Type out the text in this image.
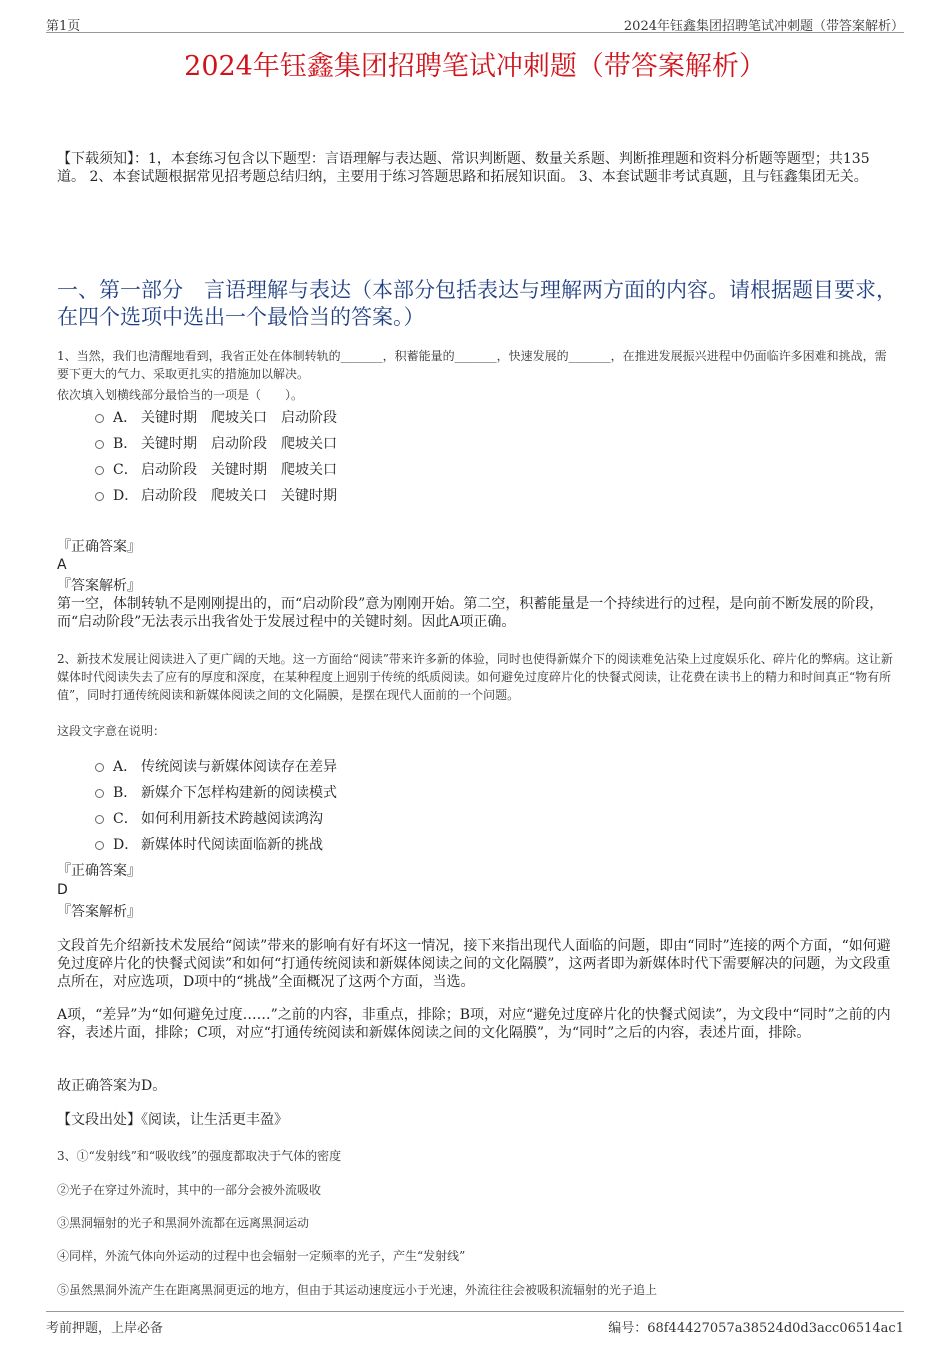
第1页	2024年钰鑫集团招聘笔试冲刺题（带答案解析）
2024年钰鑫集团招聘笔试冲刺题（带答案解析）
【下载须知】：1，本套练习包含以下题型：言语理解与表达题、常识判断题、数量关系题、判断推理题和资料分析题等题型；共135道。 2、本套试题根据常见招考题总结归纳，主要用于练习答题思路和拓展知识面。 3、本套试题非考试真题，且与钰鑫集团无关。
一、第一部分　言语理解与表达（本部分包括表达与理解两方面的内容。请根据题目要求，在四个选项中选出一个最恰当的答案。）
1、当然，我们也清醒地看到，我省正处在体制转轨的_______，积蓄能量的_______，快速发展的_______，在推进发展振兴进程中仍面临许多困难和挑战，需要下更大的气力、采取更扎实的措施加以解决。
依次填入划横线部分最恰当的一项是（　　）。
A． 关键时期　爬坡关口　启动阶段
B． 关键时期　启动阶段　爬坡关口
C． 启动阶段　关键时期　爬坡关口
D． 启动阶段　爬坡关口　关键时期
『正确答案』
A
『答案解析』
第一空，体制转轨不是刚刚提出的，而“启动阶段”意为刚刚开始。第二空，积蓄能量是一个持续进行的过程，是向前不断发展的阶段，而“启动阶段”无法表示出我省处于发展过程中的关键时刻。因此A项正确。
2、新技术发展让阅读进入了更广阔的天地。这一方面给“阅读”带来许多新的体验，同时也使得新媒介下的阅读难免沾染上过度娱乐化、碎片化的弊病。这让新媒体时代阅读失去了应有的厚度和深度，在某种程度上迥别于传统的纸质阅读。如何避免过度碎片化的快餐式阅读，让花费在读书上的精力和时间真正“物有所值”，同时打通传统阅读和新媒体阅读之间的文化隔膜，是摆在现代人面前的一个问题。
这段文字意在说明：
A． 传统阅读与新媒体阅读存在差异
B． 新媒介下怎样构建新的阅读模式
C． 如何利用新技术跨越阅读鸿沟
D． 新媒体时代阅读面临新的挑战
『正确答案』
D
『答案解析』
文段首先介绍新技术发展给“阅读”带来的影响有好有坏这一情况，接下来指出现代人面临的问题，即由“同时”连接的两个方面，“如何避免过度碎片化的快餐式阅读”和如何“打通传统阅读和新媒体阅读之间的文化隔膜”，这两者即为新媒体时代下需要解决的问题，为文段重点所在，对应选项，D项中的“挑战”全面概况了这两个方面，当选。
A项，“差异”为“如何避免过度……”之前的内容，非重点，排除；B项，对应“避免过度碎片化的快餐式阅读”，为文段中“同时”之前的内容，表述片面，排除；C项，对应“打通传统阅读和新媒体阅读之间的文化隔膜”，为“同时”之后的内容，表述片面，排除。
故正确答案为D。
【文段出处】《阅读，让生活更丰盈》
3、①“发射线”和“吸收线”的强度都取决于气体的密度
②光子在穿过外流时，其中的一部分会被外流吸收
③黑洞辐射的光子和黑洞外流都在远离黑洞运动
④同样，外流气体向外运动的过程中也会辐射一定频率的光子，产生“发射线”
⑤虽然黑洞外流产生在距离黑洞更远的地方，但由于其运动速度远小于光速，外流往往会被吸积流辐射的光子追上
考前押题，上岸必备	编号：68f44427057a38524d0d3acc06514ac1
